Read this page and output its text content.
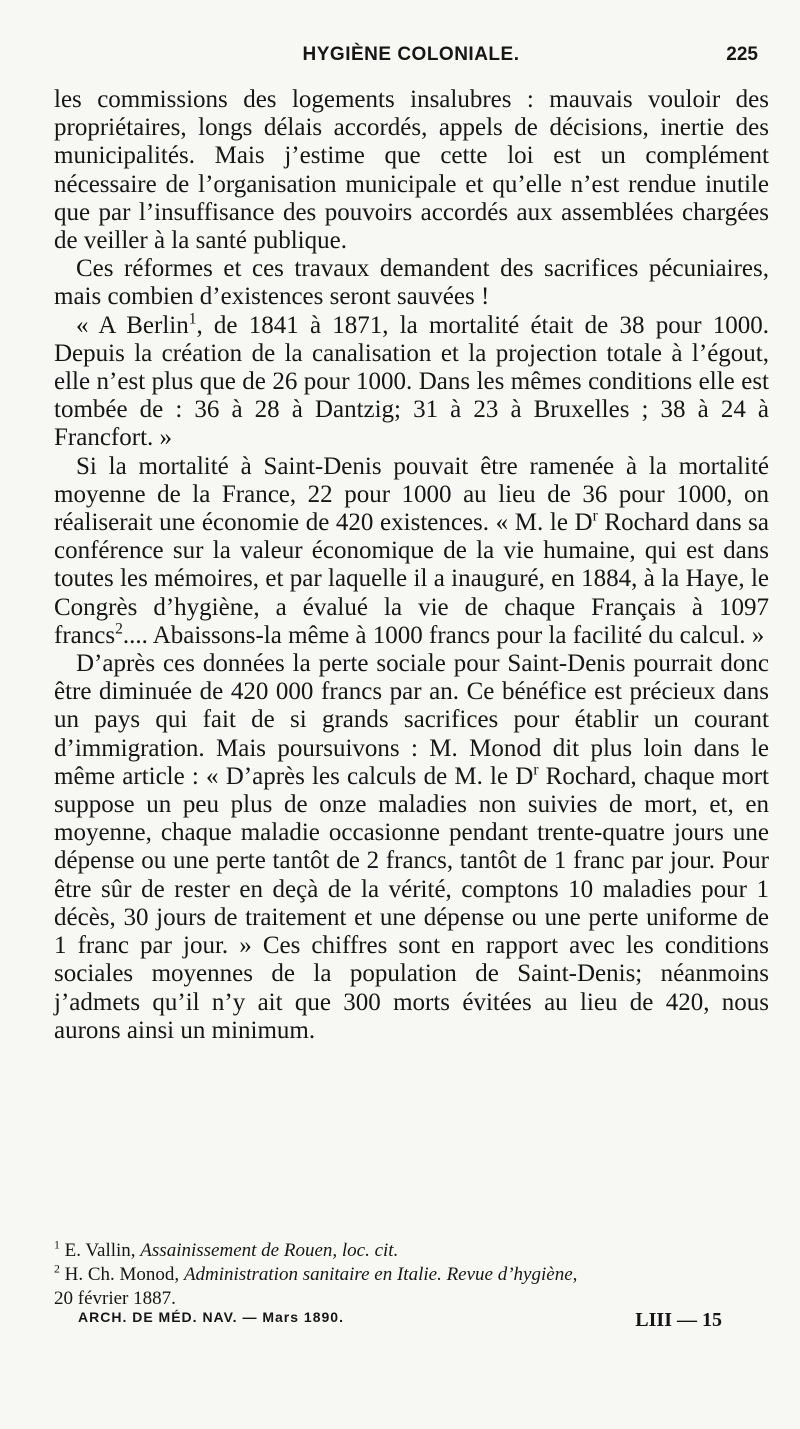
HYGIÈNE COLONIALE.	225

les commissions des logements insalubres : mauvais vouloir des propriétaires, longs délais accordés, appels de décisions, inertie des municipalités. Mais j’estime que cette loi est un complément nécessaire de l’organisation municipale et qu’elle n’est rendue inutile que par l’insuffisance des pouvoirs accordés aux assemblées chargées de veiller à la santé publique.

Ces réformes et ces travaux demandent des sacrifices pécuniaires, mais combien d’existences seront sauvées !

« A Berlin$^1$, de 1841 à 1871, la mortalité était de 38 pour 1000. Depuis la création de la canalisation et la projection totale à l’égout, elle n’est plus que de 26 pour 1000. Dans les mêmes conditions elle est tombée de : 36 à 28 à Dantzig; 31 à 23 à Bruxelles ; 38 à 24 à Francfort. »

Si la mortalité à Saint-Denis pouvait être ramenée à la mortalité moyenne de la France, 22 pour 1000 au lieu de 36 pour 1000, on réaliserait une économie de 420 existences. « M. le $D^r$ Rochard dans sa conférence sur la valeur économique de la vie humaine, qui est dans toutes les mémoires, et par laquelle il a inauguré, en 1884, à la Haye, le Congrès d’hygiène, a évalué la vie de chaque Français à 1097 francs$^2$.... Abaissons-la même à 1000 francs pour la facilité du calcul. »

D’après ces données la perte sociale pour Saint-Denis pourrait donc être diminuée de 420 000 francs par an. Ce bénéfice est précieux dans un pays qui fait de si grands sacrifices pour établir un courant d’immigration. Mais poursuivons : M. Monod dit plus loin dans le même article : « D’après les calculs de M. le $D^r$ Rochard, chaque mort suppose un peu plus de onze maladies non suivies de mort, et, en moyenne, chaque maladie occasionne pendant trente-quatre jours une dépense ou une perte tantôt de 2 francs, tantôt de 1 franc par jour. Pour être sûr de rester en deçà de la vérité, comptons 10 maladies pour 1 décès, 30 jours de traitement et une dépense ou une perte uniforme de 1 franc par jour. » Ces chiffres sont en rapport avec les conditions sociales moyennes de la population de Saint-Denis; néanmoins j’admets qu’il n’y ait que 300 morts évitées au lieu de 420, nous aurons ainsi un minimum.

$^1$ E. Vallin, Assainissement de Rouen, loc. cit.

$^2$ H. Ch. Monod, Administration sanitaire en Italie. Revue d’hygiène,

20 février 1887.

ARCH. DE MÉD. NAV. — Mars 1890.	LIII — 15
